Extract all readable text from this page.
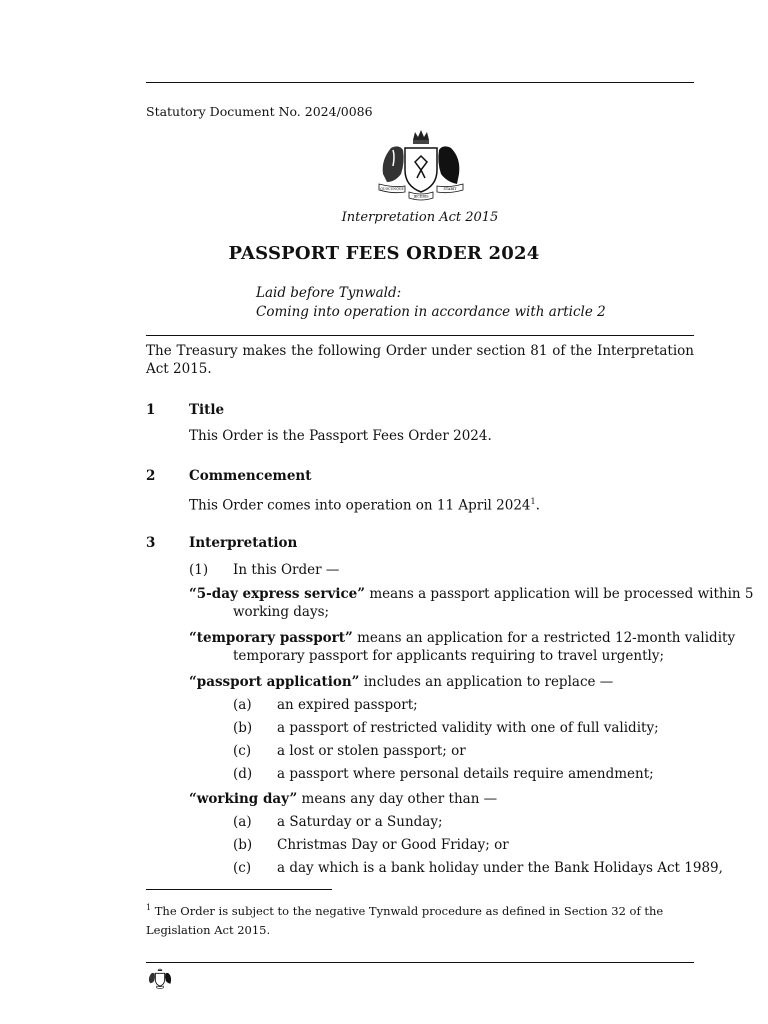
Statutory Document No. 2024/0086
QUOCUNQUE	STABIT
JECERIS
Interpretation Act 2015
PASSPORT FEES ORDER 2024
Laid before Tynwald:
Coming into operation in accordance with article 2
The Treasury makes the following Order under section 81 of the Interpretation Act 2015.
1 Title
This Order is the Passport Fees Order 2024.
2 Commencement
This Order comes into operation on 11 April 2024$^1$.
3 Interpretation
(1) In this Order —
“5-day express service” means a passport application will be processed within 5
working days;
“temporary passport” means an application for a restricted 12-month validity
temporary passport for applicants requiring to travel urgently;
“passport application” includes an application to replace —
(a) an expired passport;
(b) a passport of restricted validity with one of full validity;
(c) a lost or stolen passport; or
(d) a passport where personal details require amendment;
“working day” means any day other than —
(a) a Saturday or a Sunday;
(b) Christmas Day or Good Friday; or
(c) a day which is a bank holiday under the Bank Holidays Act 1989,
$^1$ The Order is subject to the negative Tynwald procedure as defined in Section 32 of the
Legislation Act 2015.
